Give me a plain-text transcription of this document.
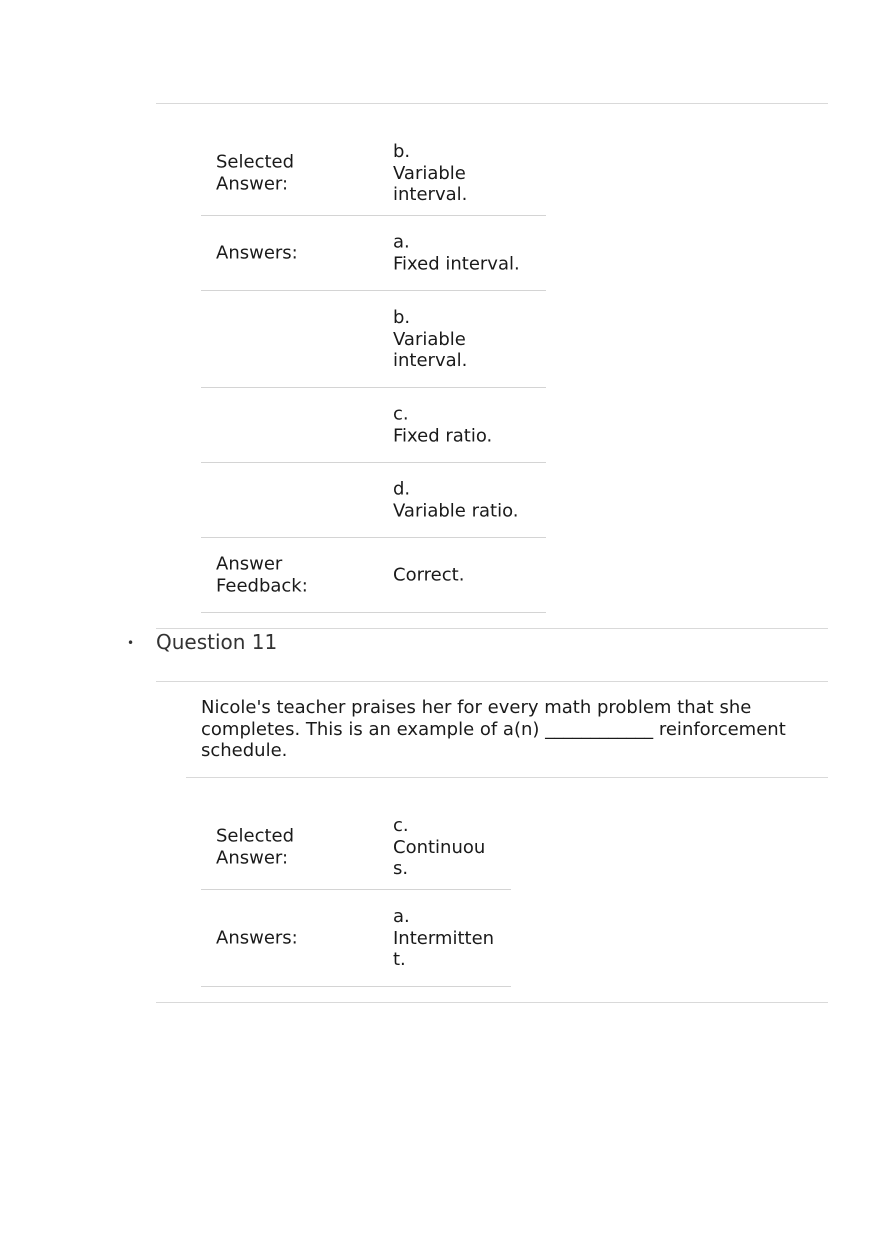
Selected Answer:
b.
Variable interval.
Answers:
a.
Fixed interval.
b.
Variable interval.
c.
Fixed ratio.
d.
Variable ratio.
Answer Feedback:
Correct.
• Question 11
Nicole's teacher praises her for every math problem that she completes. This is an example of a(n) ____________ reinforcement schedule.
Selected Answer:
c.
Continuous.
Answers:
a.
Intermittent.
